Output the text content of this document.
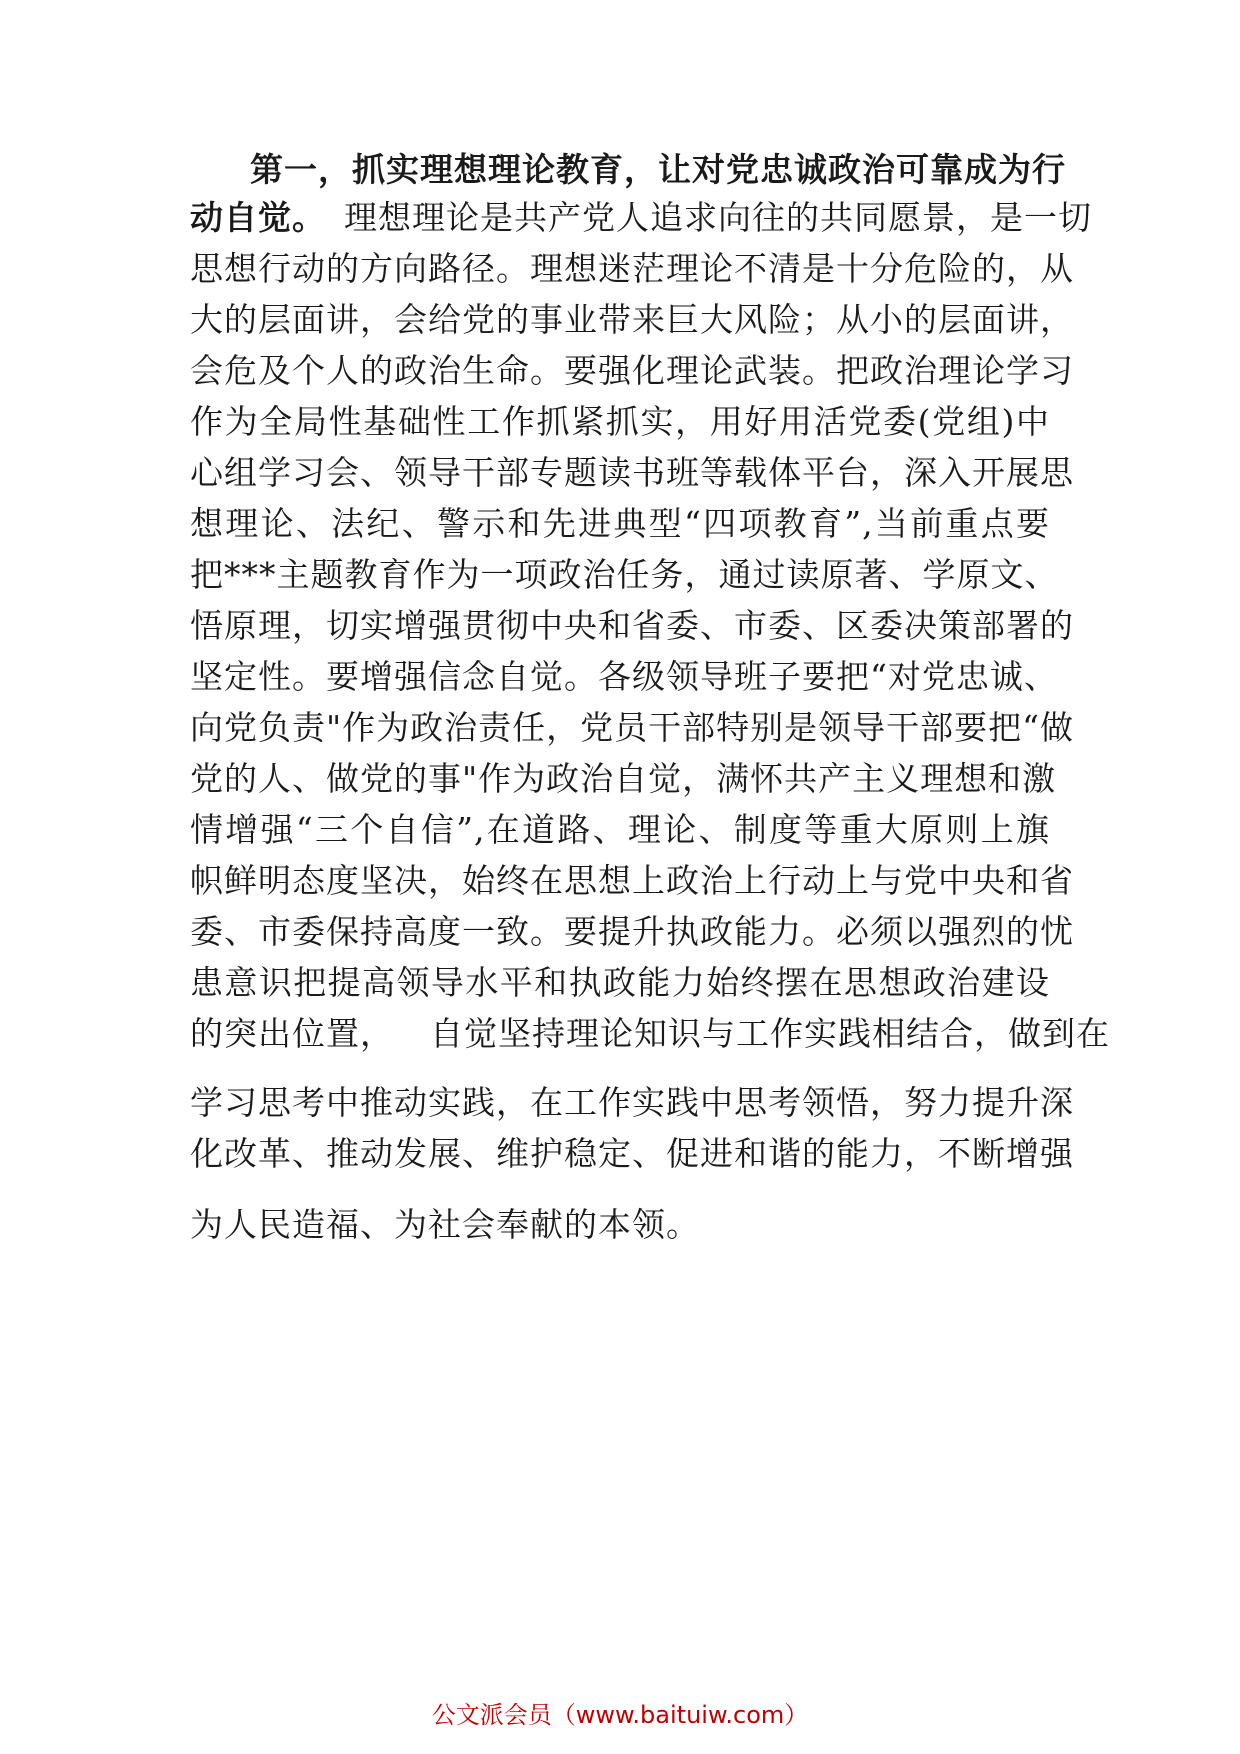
第一，抓实理想理论教育，让对党忠诚政治可靠成为行
动自觉。 理想理论是共产党人追求向往的共同愿景，是一切
思想行动的方向路径。理想迷茫理论不清是十分危险的，从
大的层面讲，会给党的事业带来巨大风险；从小的层面讲，
会危及个人的政治生命。要强化理论武装。把政治理论学习
作为全局性基础性工作抓紧抓实，用好用活党委(党组)中
心组学习会、领导干部专题读书班等载体平台，深入开展思
想理论、法纪、警示和先进典型“四项教育”,当前重点要
把***主题教育作为一项政治任务，通过读原著、学原文、
悟原理，切实增强贯彻中央和省委、市委、区委决策部署的
坚定性。要增强信念自觉。各级领导班子要把“对党忠诚、
向党负责"作为政治责任，党员干部特别是领导干部要把“做
党的人、做党的事"作为政治自觉，满怀共产主义理想和激
情增强“三个自信”,在道路、理论、制度等重大原则上旗
帜鲜明态度坚决，始终在思想上政治上行动上与党中央和省
委、市委保持高度一致。要提升执政能力。必须以强烈的忧
患意识把提高领导水平和执政能力始终摆在思想政治建设
的突出位置， 自觉坚持理论知识与工作实践相结合，做到在
学习思考中推动实践，在工作实践中思考领悟，努力提升深
化改革、推动发展、维护稳定、促进和谐的能力，不断增强
为人民造福、为社会奉献的本领。
公文派会员（www.baituiw.com）
